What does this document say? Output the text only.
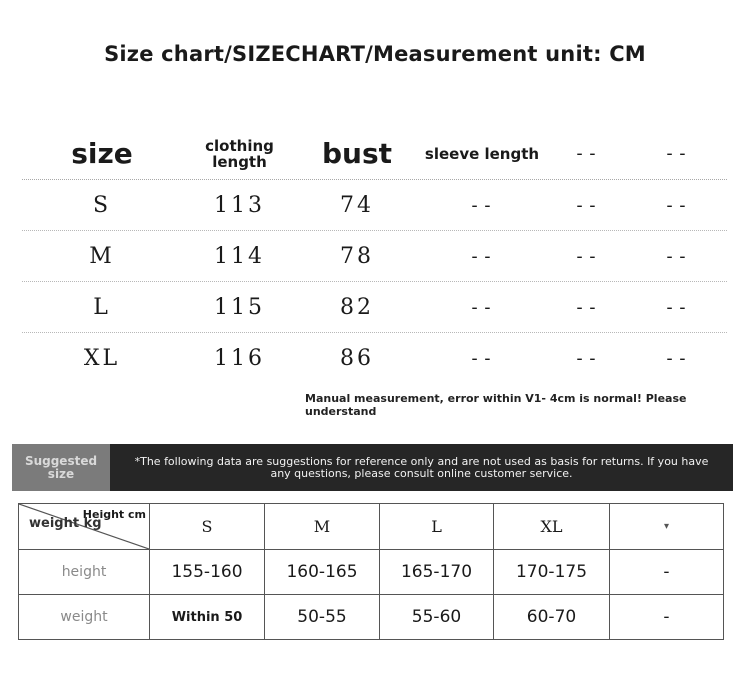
Size chart/SIZECHART/Measurement unit: CM
size	clothing length	bust	sleeve length	--	--
S	113	74	--	--	--
M	114	78	--	--	--
L	115	82	--	--	--
XL	116	86	--	--	--
Manual measurement, error within V1- 4cm is normal! Please understand
Suggested size
*The following data are suggestions for reference only and are not used as basis for returns. If you have any questions, please consult online customer service.
Height cm
weight kg	S	M	L	XL	▾
height	155-160	160-165	165-170	170-175	-
weight	Within 50	50-55	55-60	60-70	-
